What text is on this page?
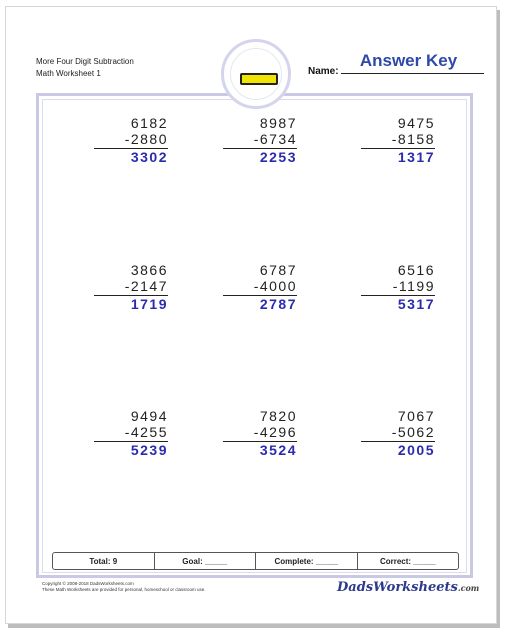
More Four Digit Subtraction
Math Worksheet 1	Name:
Answer Key
6182
-2880
3302
8987
-6734
2253
9475
-8158
1317
3866
-2147
1719
6787
-4000
2787
6516
-1199
5317
9494
-4255
5239
7820
-4296
3524
7067
-5062
2005
Total: 9	Goal: _____	Complete: _____	Correct: _____
Copyright © 2008-2018 DadsWorksheets.com
These Math Worksheets are provided for personal, homeschool or classroom use.	DadsWorksheets.com
